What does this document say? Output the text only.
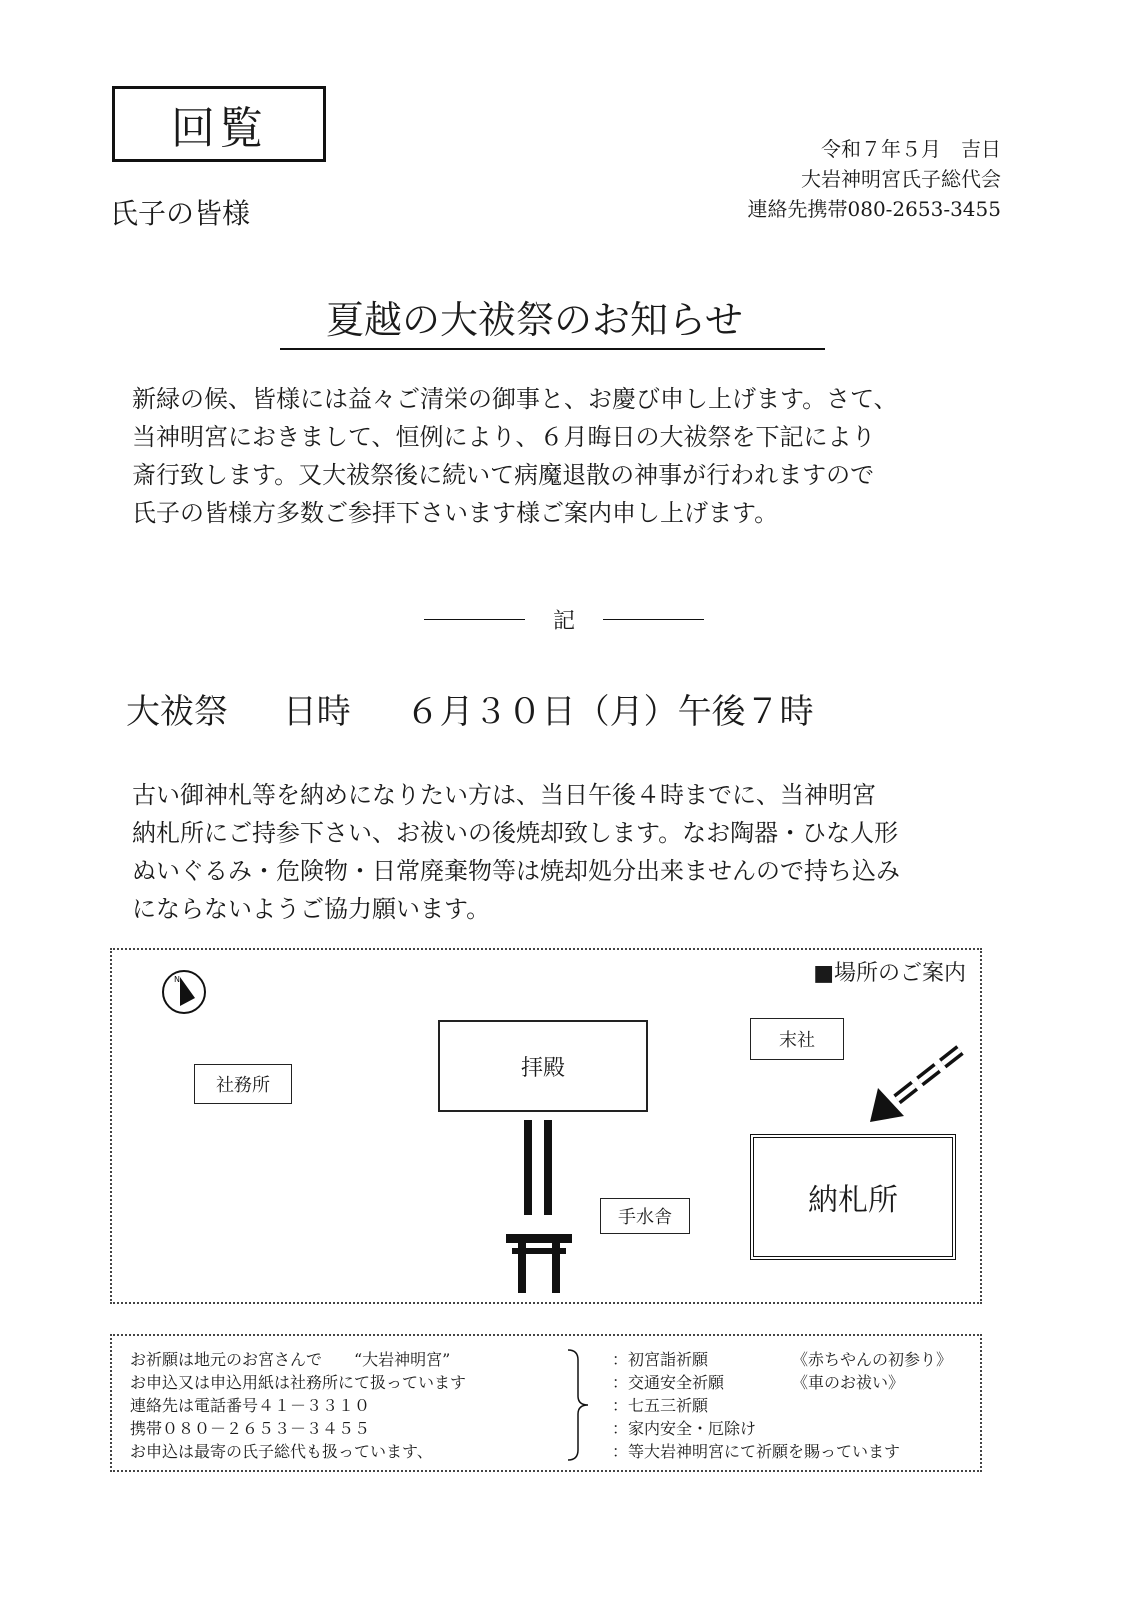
回覧
氏子の皆様
令和７年５月　吉日
大岩神明宮氏子総代会
連絡先携帯080-2653-3455
夏越の大祓祭のお知らせ

新緑の候、皆様には益々ご清栄の御事と、お慶び申し上げます。さて、

当神明宮におきまして、恒例により、６月晦日の大祓祭を下記により

斎行致します。又大祓祭後に続いて病魔退散の神事が行われますので

氏子の皆様方多数ご参拝下さいます様ご案内申し上げます。

記
大祓祭 日時 ６月３０日（月）午後７時

古い御神札等を納めになりたい方は、当日午後４時までに、当神明宮

納札所にご持参下さい、お祓いの後焼却致します。なお陶器・ひな人形

ぬいぐるみ・危険物・日常廃棄物等は焼却処分出来ませんので持ち込み

にならないようご協力願います。

■場所のご案内
N
社務所
拝殿
手水舎
末社
納札所
お祈願は地元のお宮さんで　　“大岩神明宮”
お申込又は申込用紙は社務所にて扱っています
連絡先は電話番号４１－３３１０
携帯０８０－２６５３－３４５５
お申込は最寄の氏子総代も扱っています、
：初宮詣祈願	《赤ちやんの初参り》
：交通安全祈願	《車のお祓い》
：七五三祈願
：家内安全・厄除け
：等大岩神明宮にて祈願を賜っています
